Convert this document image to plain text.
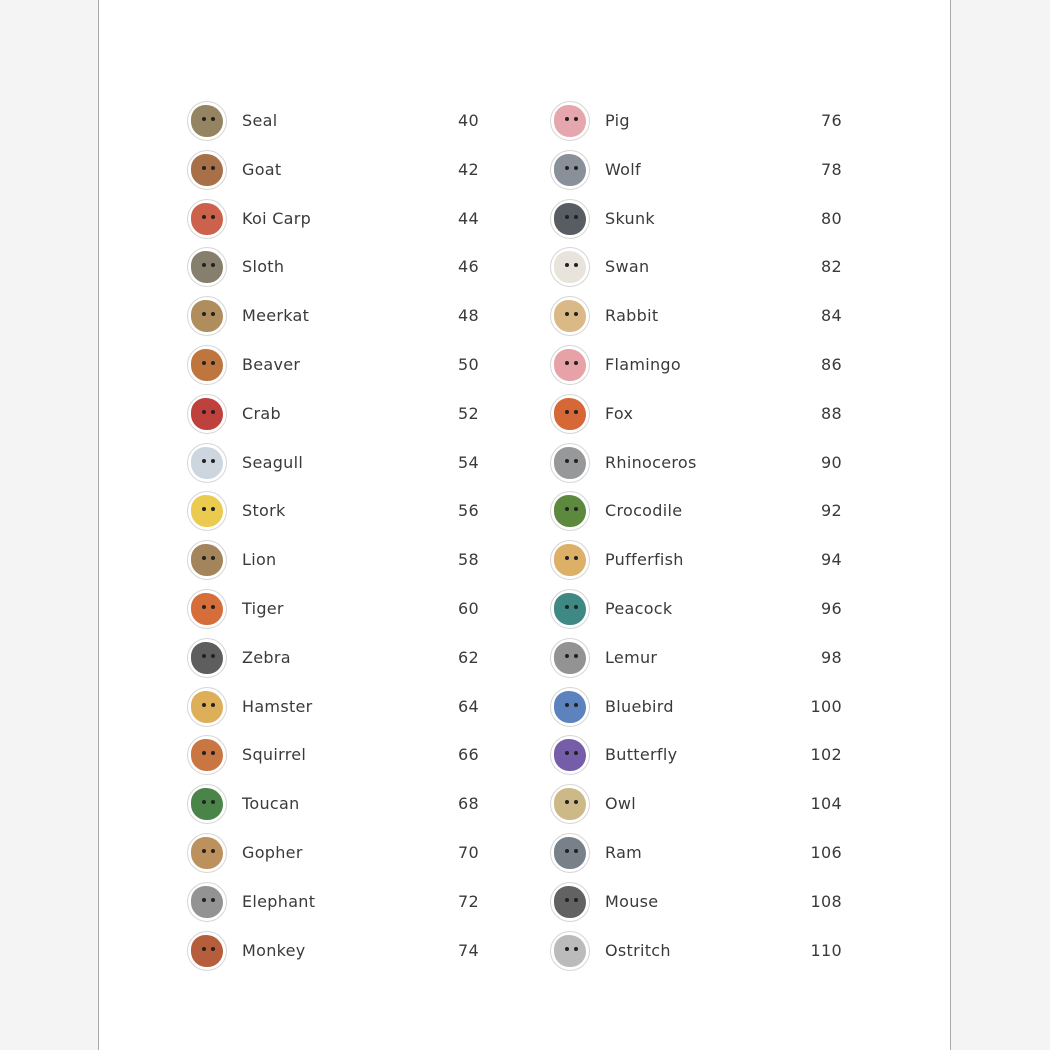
Seal	40
Goat	42
Koi Carp	44
Sloth	46
Meerkat	48
Beaver	50
Crab	52
Seagull	54
Stork	56
Lion	58
Tiger	60
Zebra	62
Hamster	64
Squirrel	66
Toucan	68
Gopher	70
Elephant	72
Monkey	74
Pig	76
Wolf	78
Skunk	80
Swan	82
Rabbit	84
Flamingo	86
Fox	88
Rhinoceros	90
Crocodile	92
Pufferfish	94
Peacock	96
Lemur	98
Bluebird	100
Butterfly	102
Owl	104
Ram	106
Mouse	108
Ostritch	110
